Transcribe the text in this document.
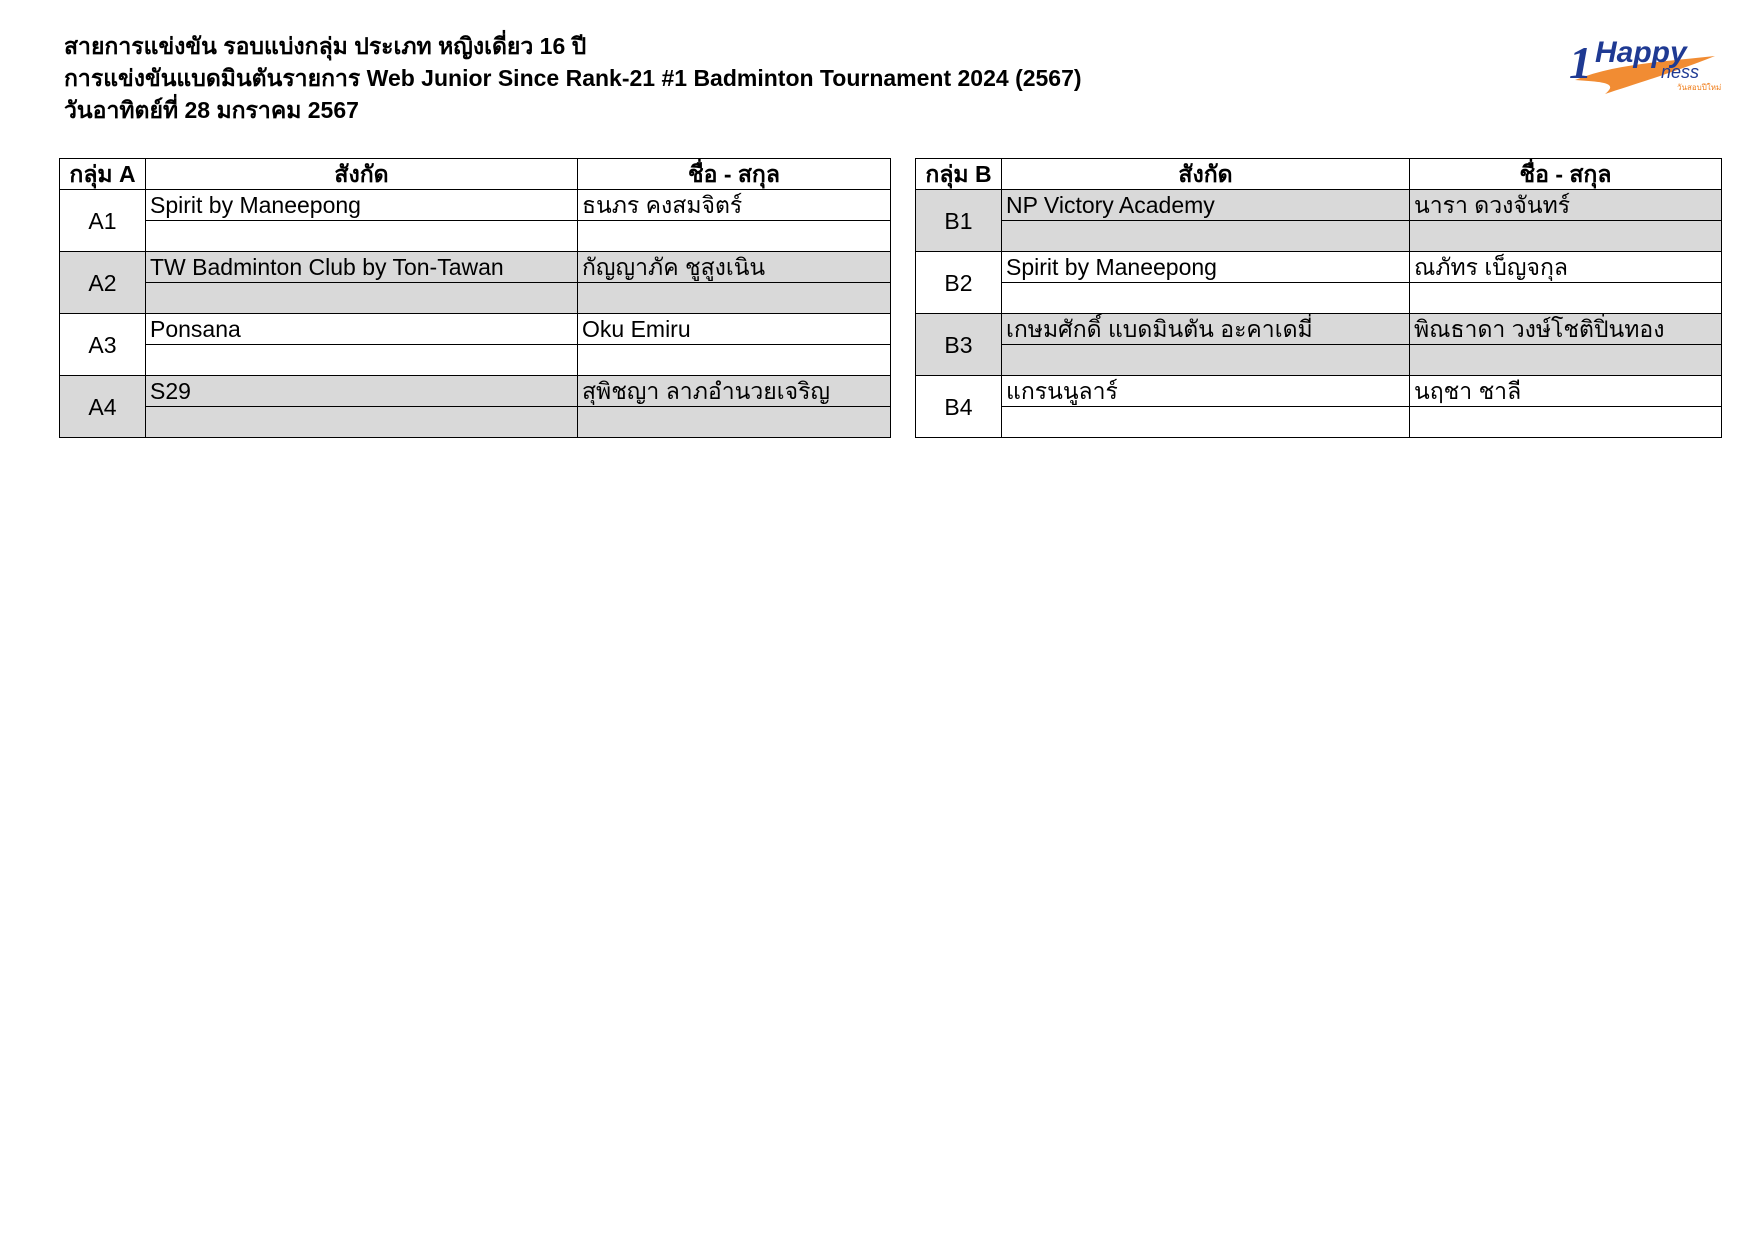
สายการแข่งขัน รอบแบ่งกลุ่ม ประเภท หญิงเดี่ยว 16 ปี
การแข่งขันแบดมินตันรายการ Web Junior Since Rank-21 #1 Badminton Tournament 2024 (2567)
วันอาทิตย์ที่ 28 มกราคม 2567
1 Happy
ness
วันสอบปีใหม่
กลุ่ม A	สังกัด	ชื่อ - สกุล
A1	Spirit by Maneepong	ธนภร คงสมจิตร์

A2	TW Badminton Club by Ton-Tawan	กัญญาภัค ชูสูงเนิน

A3	Ponsana	Oku Emiru

A4	S29	สุพิชญา ลาภอำนวยเจริญ

กลุ่ม B	สังกัด	ชื่อ - สกุล
B1	NP Victory Academy	นารา ดวงจันทร์

B2	Spirit by Maneepong	ณภัทร เบ็ญจกุล

B3	เกษมศักดิ์ แบดมินตัน อะคาเดมี่	พิณธาดา วงษ์โชติปิ่นทอง

B4	แกรนนูลาร์	นฤชา ชาลี
